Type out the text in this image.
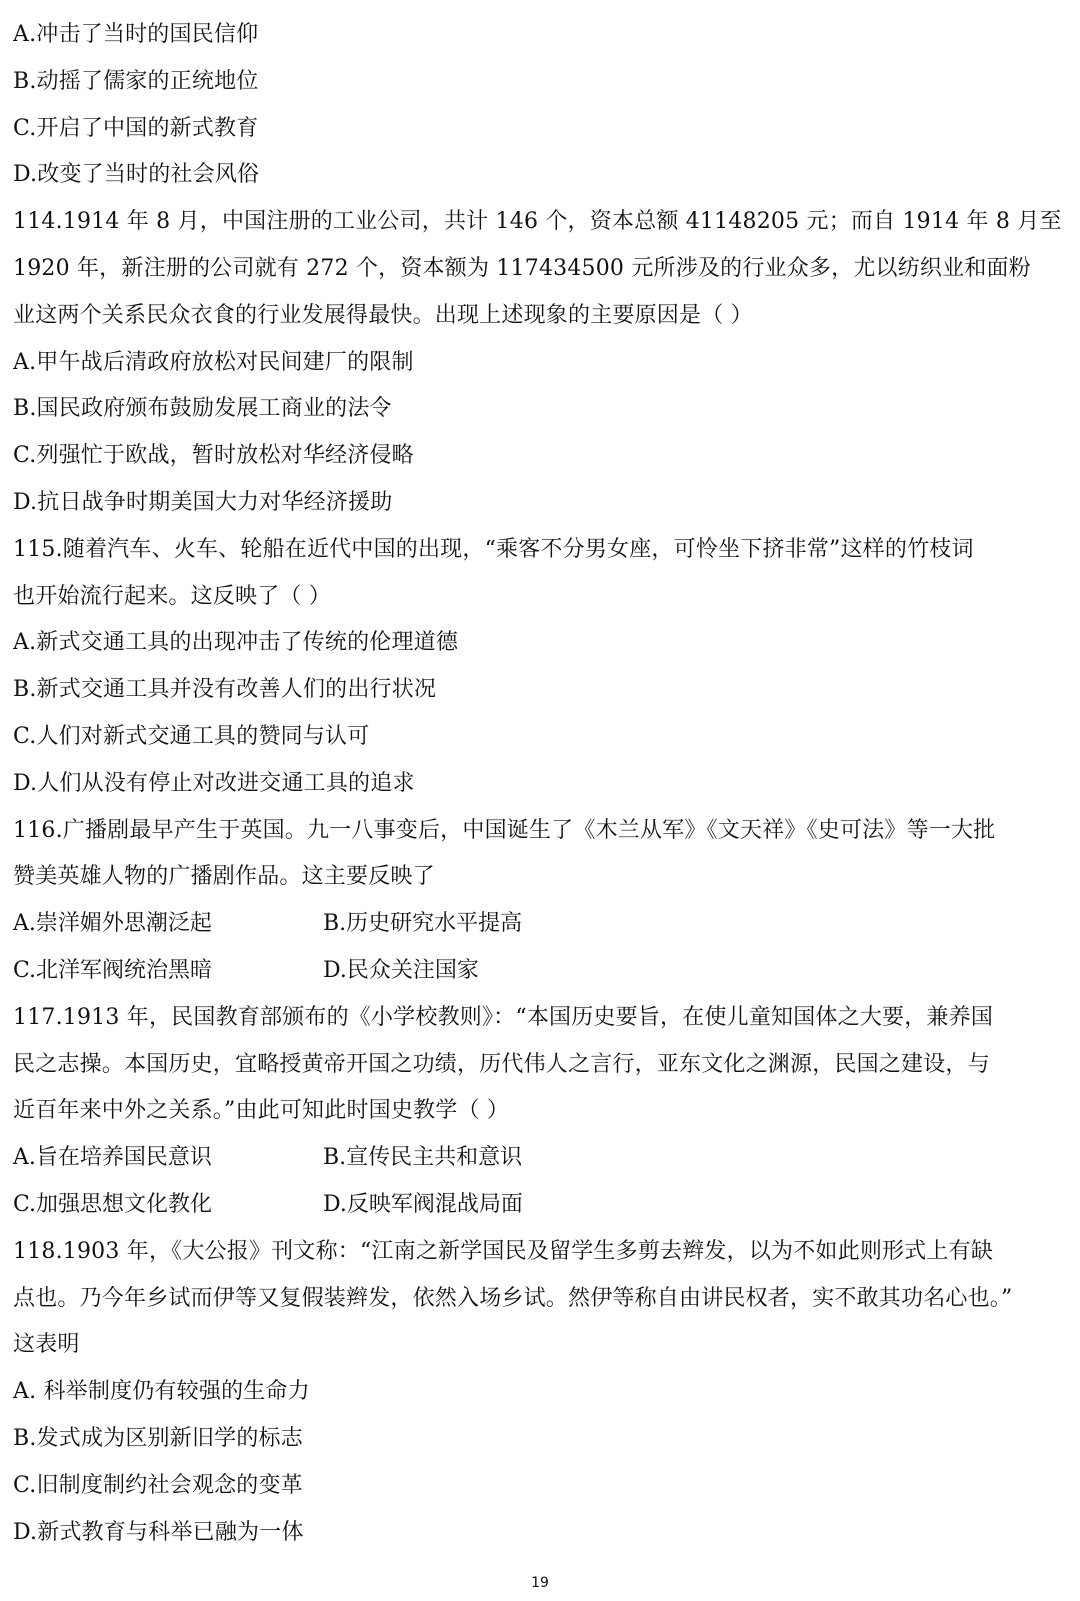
A.冲击了当时的国民信仰
B.动摇了儒家的正统地位
C.开启了中国的新式教育
D.改变了当时的社会风俗
114.1914 年 8 月，中国注册的工业公司，共计 146 个，资本总额 41148205 元；而自 1914 年 8 月至
1920 年，新注册的公司就有 272 个，资本额为 117434500 元所涉及的行业众多，尤以纺织业和面粉
业这两个关系民众衣食的行业发展得最快。出现上述现象的主要原因是（ ）
A.甲午战后清政府放松对民间建厂的限制
B.国民政府颁布鼓励发展工商业的法令
C.列强忙于欧战，暂时放松对华经济侵略
D.抗日战争时期美国大力对华经济援助
115.随着汽车、火车、轮船在近代中国的出现，“乘客不分男女座，可怜坐下挤非常”这样的竹枝词
也开始流行起来。这反映了（ ）
A.新式交通工具的出现冲击了传统的伦理道德
B.新式交通工具并没有改善人们的出行状况
C.人们对新式交通工具的赞同与认可
D.人们从没有停止对改进交通工具的追求
116.广播剧最早产生于英国。九一八事变后，中国诞生了《木兰从军》《文天祥》《史可法》等一大批
赞美英雄人物的广播剧作品。这主要反映了
A.崇洋媚外思潮泛起	B.历史研究水平提高
C.北洋军阀统治黑暗	D.民众关注国家
117.1913 年，民国教育部颁布的《小学校教则》：“本国历史要旨，在使儿童知国体之大要，兼养国
民之志操。本国历史，宜略授黄帝开国之功绩，历代伟人之言行，亚东文化之渊源，民国之建设，与
近百年来中外之关系。”由此可知此时国史教学（ ）
A.旨在培养国民意识	B.宣传民主共和意识
C.加强思想文化教化	D.反映军阀混战局面
118.1903 年，《大公报》刊文称：“江南之新学国民及留学生多剪去辫发，以为不如此则形式上有缺
点也。乃今年乡试而伊等又复假装辫发，依然入场乡试。然伊等称自由讲民权者，实不敢其功名心也。”
这表明
A. 科举制度仍有较强的生命力
B.发式成为区别新旧学的标志
C.旧制度制约社会观念的变革
D.新式教育与科举已融为一体
19
